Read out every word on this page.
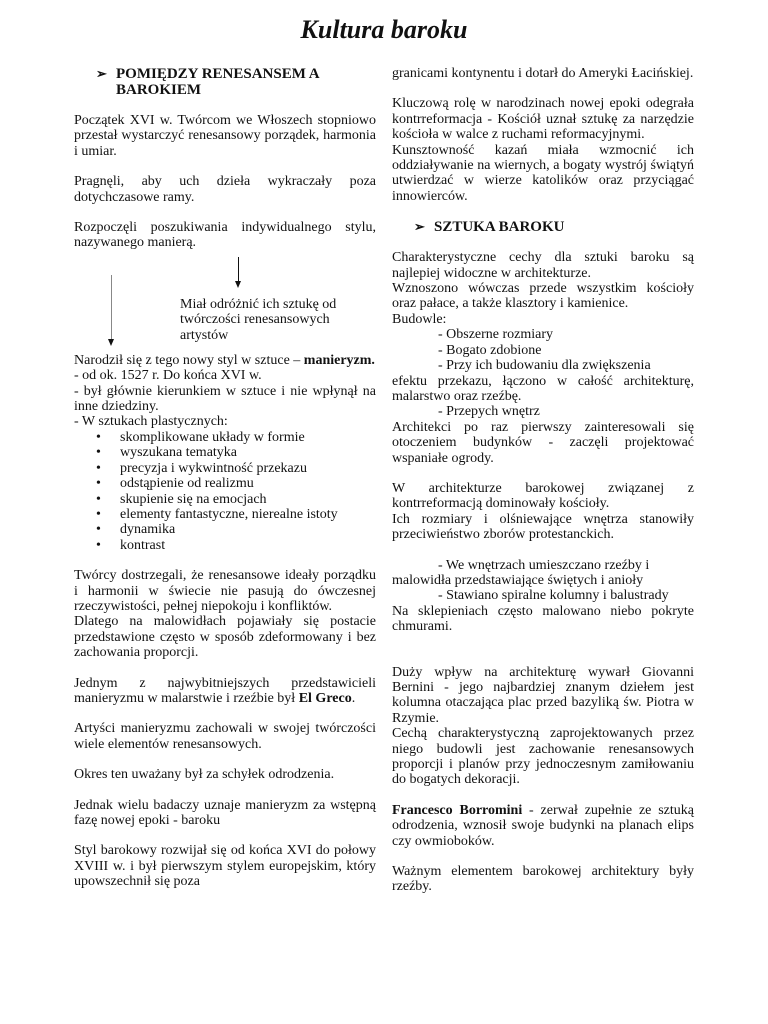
Kultura baroku
➢ POMIĘDZY RENESANSEM A BAROKIEM

Początek XVI w. Twórcom we Włoszech stopniowo przestał wystarczyć renesansowy porządek, harmonia i umiar.

Pragnęli, aby uch dzieła wykraczały poza dotychczasowe ramy.

Rozpoczęli poszukiwania indywidualnego stylu, nazywanego manierą.

Miał odróżnić ich sztukę od twórczości renesansowych artystów

Narodził się z tego nowy styl w sztuce – manieryzm.

- od ok. 1527 r. Do końca XVI w.

- był głównie kierunkiem w sztuce i nie wpłynął na inne dziedziny.

- W sztukach plastycznych:
• skomplikowane układy w formie
• wyszukana tematyka
• precyzja i wykwintność przekazu
• odstąpienie od realizmu
• skupienie się na emocjach
• elementy fantastyczne, nierealne istoty
• dynamika
• kontrast

Twórcy dostrzegali, że renesansowe ideały porządku i harmonii w świecie nie pasują do ówczesnej rzeczywistości, pełnej niepokoju i konfliktów.

Dlatego na malowidłach pojawiały się postacie przedstawione często w sposób zdeformowany i bez zachowania proporcji.

Jednym z najwybitniejszych przedstawicieli manieryzmu w malarstwie i rzeźbie był El Greco.

Artyści manieryzmu zachowali w swojej twórczości wiele elementów renesansowych.

Okres ten uważany był za schyłek odrodzenia.

Jednak wielu badaczy uznaje manieryzm za wstępną fazę nowej epoki - baroku

Styl barokowy rozwijał się od końca XVI do połowy XVIII w. i był pierwszym stylem europejskim, który upowszechnił się poza

granicami kontynentu i dotarł do Ameryki Łacińskiej.

Kluczową rolę w narodzinach nowej epoki odegrała kontrreformacja - Kościół uznał sztukę za narzędzie kościoła w walce z ruchami reformacyjnymi.

Kunsztowność kazań miała wzmocnić ich oddziaływanie na wiernych, a bogaty wystrój świątyń utwierdzać w wierze katolików oraz przyciągać innowierców.

➢ SZTUKA BAROKU

Charakterystyczne cechy dla sztuki baroku są najlepiej widoczne w architekturze.

Wznoszono wówczas przede wszystkim kościoły oraz pałace, a także klasztory i kamienice.

Budowle:
- Obszerne rozmiary
- Bogato zdobione

- Przy ich budowaniu dla zwiększenia

efektu przekazu, łączono w całość architekturę, malarstwo oraz rzeźbę.

- Przepych wnętrz

Architekci po raz pierwszy zainteresowali się otoczeniem budynków - zaczęli projektować wspaniałe ogrody.

W architekturze barokowej związanej z kontrreformacją dominowały kościoły.

Ich rozmiary i olśniewające wnętrza stanowiły przeciwieństwo zborów protestanckich.

- We wnętrzach umieszczano rzeźby i

malowidła przedstawiające świętych i anioły

- Stawiano spiralne kolumny i balustrady

Na sklepieniach często malowano niebo pokryte chmurami.

Duży wpływ na architekturę wywarł Giovanni Bernini - jego najbardziej znanym dziełem jest kolumna otaczająca plac przed bazyliką św. Piotra w Rzymie.

Cechą charakterystyczną zaprojektowanych przez niego budowli jest zachowanie renesansowych proporcji i planów przy jednoczesnym zamiłowaniu do bogatych dekoracji.

Francesco Borromini - zerwał zupełnie ze sztuką odrodzenia, wznosił swoje budynki na planach elips czy owmioboków.

Ważnym elementem barokowej architektury były rzeźby.
